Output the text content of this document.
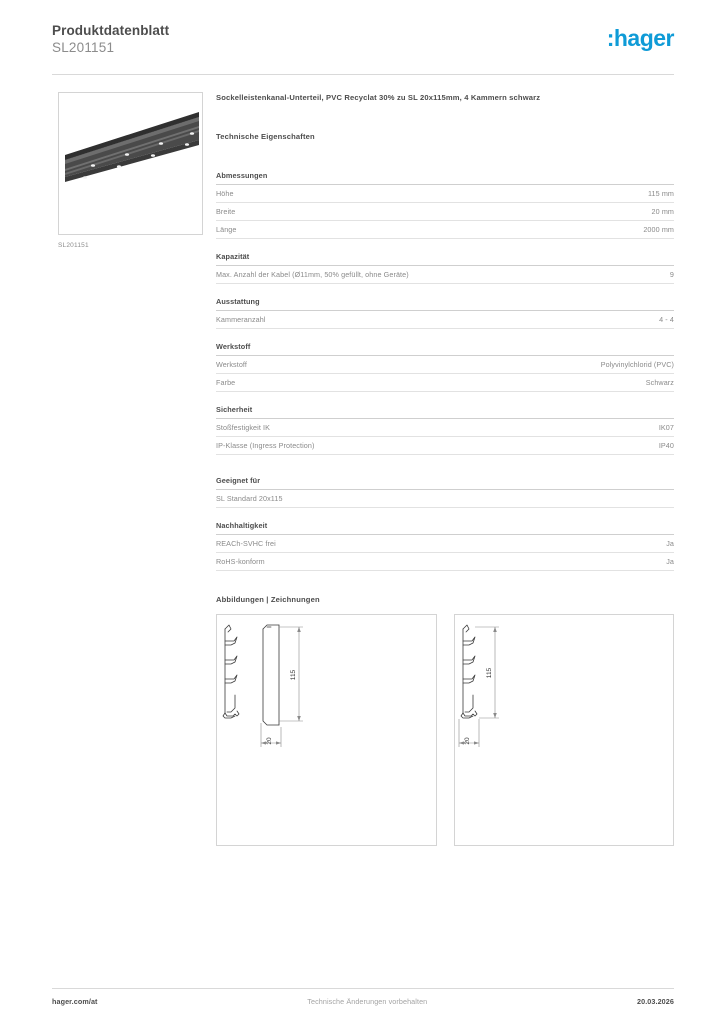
Produktdatenblatt
SL201151	:hager
SL201151
Sockelleistenkanal-Unterteil, PVC Recyclat 30% zu SL 20x115mm, 4 Kammern schwarz
Technische Eigenschaften
Abmessungen
Höhe	115 mm
Breite	20 mm
Länge	2000 mm
Kapazität
Max. Anzahl der Kabel (Ø11mm, 50% gefüllt, ohne Geräte)	9
Ausstattung
Kammeranzahl	4 - 4
Werkstoff
Werkstoff	Polyvinylchlorid (PVC)
Farbe	Schwarz
Sicherheit
Stoßfestigkeit IK	IK07
IP-Klasse (Ingress Protection)	IP40
Geeignet für
SL Standard 20x115
Nachhaltigkeit
REACh-SVHC frei	Ja
RoHS-konform	Ja
Abbildungen | Zeichnungen
115
20
115
20
hager.com/at	Technische Änderungen vorbehalten	20.03.2026
